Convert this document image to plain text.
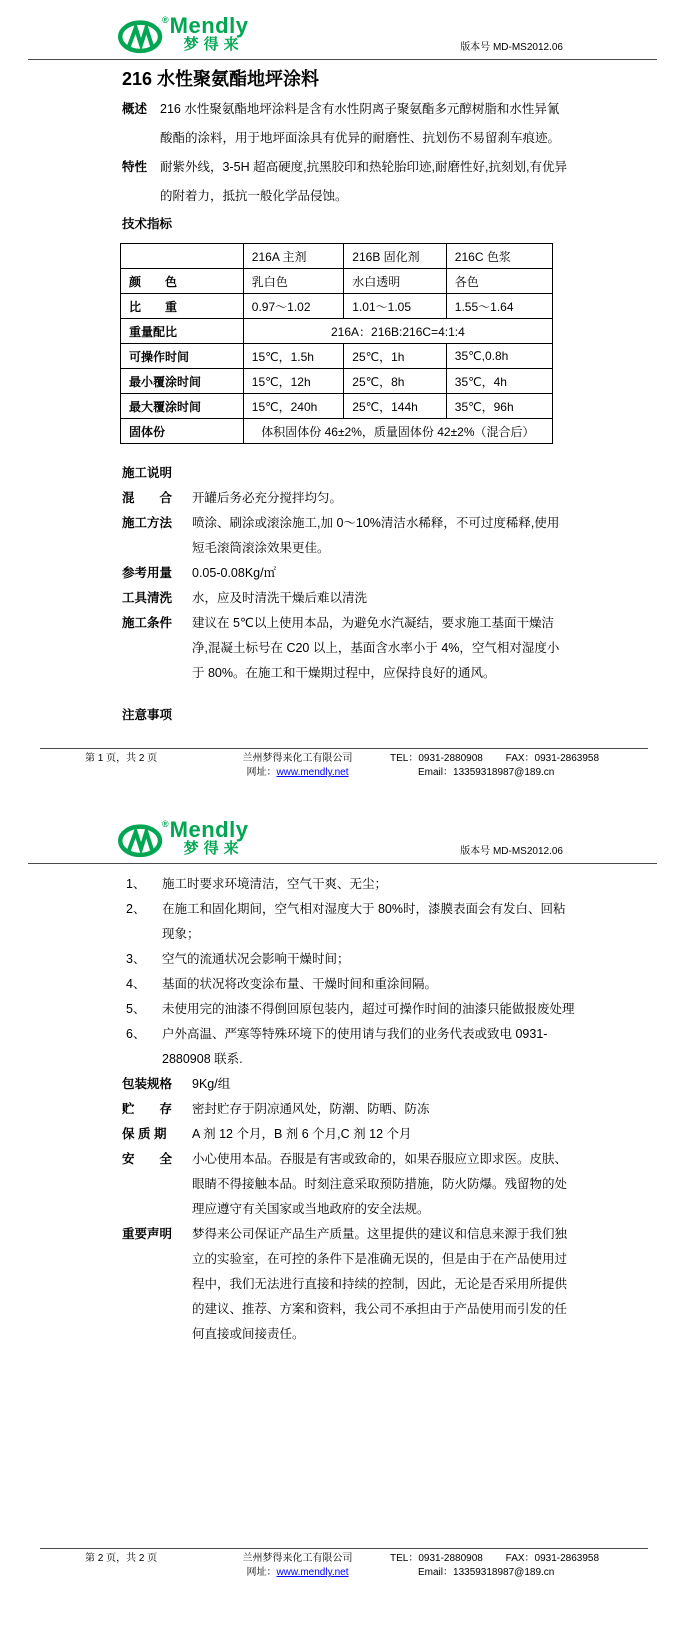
® Mendly
梦得来	版本号 MD-MS2012.06
216 水性聚氨酯地坪涂料
概述	216 水性聚氨酯地坪涂料是含有水性阴离子聚氨酯多元醇树脂和水性异氰酸酯的涂料，用于地坪面涂具有优异的耐磨性、抗划伤不易留刹车痕迹。
特性	耐紫外线，3-5H 超高硬度,抗黑胶印和热轮胎印迹,耐磨性好,抗刻划,有优异的附着力，抵抗一般化学品侵蚀。
技术指标
	216A 主剂	216B 固化剂	216C 色浆
颜　　色	乳白色	水白透明	各色
比　　重	0.97～1.02	1.01～1.05	1.55～1.64
重量配比	216A：216B:216C=4:1:4		
可操作时间	15℃，1.5h	25℃，1h	35℃,0.8h
最小覆涂时间	15℃，12h	25℃，8h	35℃，4h
最大覆涂时间	15℃，240h	25℃，144h	35℃，96h
固体份	体积固体份 46±2%，质量固体份 42±2%（混合后）		
施工说明
混　　合	开罐后务必充分搅拌均匀。
施工方法	喷涂、刷涂或滚涂施工,加 0～10%清洁水稀释，不可过度稀释,使用短毛滚筒滚涂效果更佳。
参考用量	0.05-0.08Kg/㎡
工具清洗	水，应及时清洗干燥后难以清洗
施工条件	建议在 5℃以上使用本品，为避免水汽凝结，要求施工基面干燥洁净,混凝土标号在 C20 以上，基面含水率小于 4%，空气相对湿度小于 80%。在施工和干燥期过程中，应保持良好的通风。
注意事项
第 1 页，共 2 页	兰州梦得来化工有限公司
网址：www.mendly.net
TEL：0931-2880908 FAX：0931-2863958
Email：13359318987@189.cn
® Mendly
梦得来	版本号 MD-MS2012.06
1、	施工时要求环境清洁，空气干爽、无尘；
2、	在施工和固化期间，空气相对湿度大于 80%时，漆膜表面会有发白、回粘现象；
3、	空气的流通状况会影响干燥时间；
4、	基面的状况将改变涂布量、干燥时间和重涂间隔。
5、	未使用完的油漆不得倒回原包装内，超过可操作时间的油漆只能做报废处理
6、	户外高温、严寒等特殊环境下的使用请与我们的业务代表或致电 0931-2880908 联系.
包装规格	9Kg/组
贮　　存	密封贮存于阴凉通风处，防潮、防晒、防冻
保 质 期	A 剂 12 个月，B 剂 6 个月,C 剂 12 个月
安　　全	小心使用本品。吞服是有害或致命的，如果吞服应立即求医。皮肤、眼睛不得接触本品。时刻注意采取预防措施，防火防爆。残留物的处理应遵守有关国家或当地政府的安全法规。
重要声明	梦得来公司保证产品生产质量。这里提供的建议和信息来源于我们独立的实验室，在可控的条件下是准确无误的，但是由于在产品使用过程中，我们无法进行直接和持续的控制，因此，无论是否采用所提供的建议、推荐、方案和资料，我公司不承担由于产品使用而引发的任何直接或间接责任。
第 2 页，共 2 页	兰州梦得来化工有限公司
网址：www.mendly.net
TEL：0931-2880908 FAX：0931-2863958
Email：13359318987@189.cn
